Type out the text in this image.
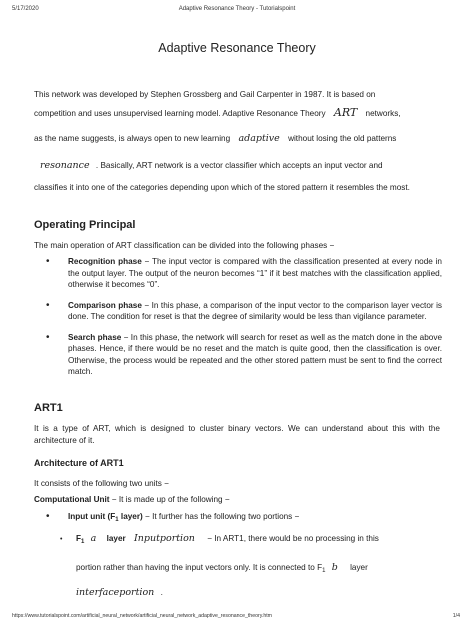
5/17/2020	Adaptive Resonance Theory - Tutorialspoint
Adaptive Resonance Theory
This network was developed by Stephen Grossberg and Gail Carpenter in 1987. It is based on
competition and uses unsupervised learning model. Adaptive Resonance Theory ART networks,
as the name suggests, is always open to new learning adaptive without losing the old patterns
resonance . Basically, ART network is a vector classifier which accepts an input vector and
classifies it into one of the categories depending upon which of the stored pattern it resembles the most.
Operating Principal
The main operation of ART classification can be divided into the following phases −
• Recognition phase − The input vector is compared with the classification presented at every node in the output layer. The output of the neuron becomes “1” if it best matches with the classification applied, otherwise it becomes “0”.
• Comparison phase − In this phase, a comparison of the input vector to the comparison layer vector is done. The condition for reset is that the degree of similarity would be less than vigilance parameter.
• Search phase − In this phase, the network will search for reset as well as the match done in the above phases. Hence, if there would be no reset and the match is quite good, then the classification is over. Otherwise, the process would be repeated and the other stored pattern must be sent to find the correct match.
ART1
It is a type of ART, which is designed to cluster binary vectors. We can understand about this with the architecture of it.
Architecture of ART1
It consists of the following two units −
Computational Unit − It is made up of the following −
• Input unit ($F_1$ layer) − It further has the following two portions −
• $F_1$ a layer Inputportion − In ART1, there would be no processing in this
portion rather than having the input vectors only. It is connected to $F_1$ b layer
interfaceportion .
https://www.tutorialspoint.com/artificial_neural_network/artificial_neural_network_adaptive_resonance_theory.htm	1/4
